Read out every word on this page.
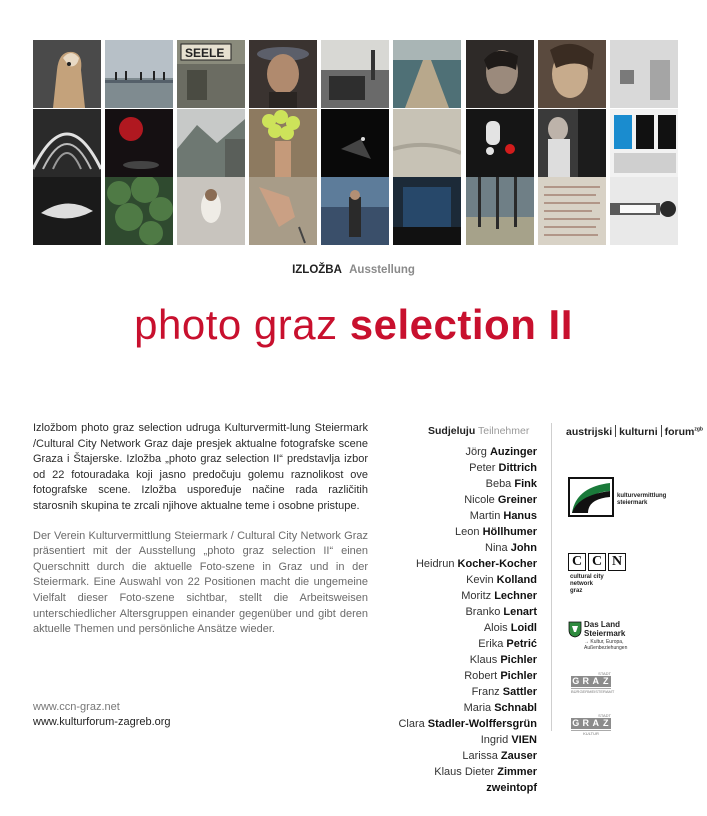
SEELE
IZLOŽBA Ausstellung
photo graz selection II
Izložbom photo graz selection udruga Kulturvermitt-lung Steiermark /Cultural City Network Graz daje presjek aktualne fotografske scene Graza i Štajerske. Izložba „photo graz selection II“ predstavlja izbor od 22 fotouradaka koji jasno predočuju golemu raznolikost ove fotografske scene. Izložba uspoređuje načine rada različitih starosnih skupina te zrcali njihove aktualne teme i osobne pristupe.
Der Verein Kulturvermittlung Steiermark / Cultural City Network Graz präsentiert mit der Ausstellung „photo graz selection II“ einen Querschnitt durch die aktuelle Foto-szene in Graz und in der Steiermark. Eine Auswahl von 22 Positionen macht die ungemeine Vielfalt dieser Foto-szene sichtbar, stellt die Arbeitsweisen unterschiedlicher Altersgruppen einander gegenüber und gibt deren aktuelle Themen und persönliche Ansätze wieder.
www.ccn-graz.net
www.kulturforum-zagreb.org
Sudjeluju Teilnehmer
Jörg Auzinger
Peter Dittrich
Beba Fink
Nicole Greiner
Martin Hanus
Leon Höllhumer
Nina John
Heidrun Kocher-Kocher
Kevin Kolland
Moritz Lechner
Branko Lenart
Alois Loidl
Erika Petrić
Klaus Pichler
Robert Pichler
Franz Sattler
Maria Schnabl
Clara Stadler-Wolffersgrün
Ingrid VIEN
Larissa Zauser
Klaus Dieter Zimmer
zweintopf
austrijski kulturni forum$^{zgb}$
kulturvermittlung
steiermark
C C N
cultural city
network
graz
Das Land
Steiermark
→ Kultur, Europa,
Außenbeziehungen
STADT
G R A Z
BÜRGERMEISTERAMT
STADT
G R A Z
KULTUR
